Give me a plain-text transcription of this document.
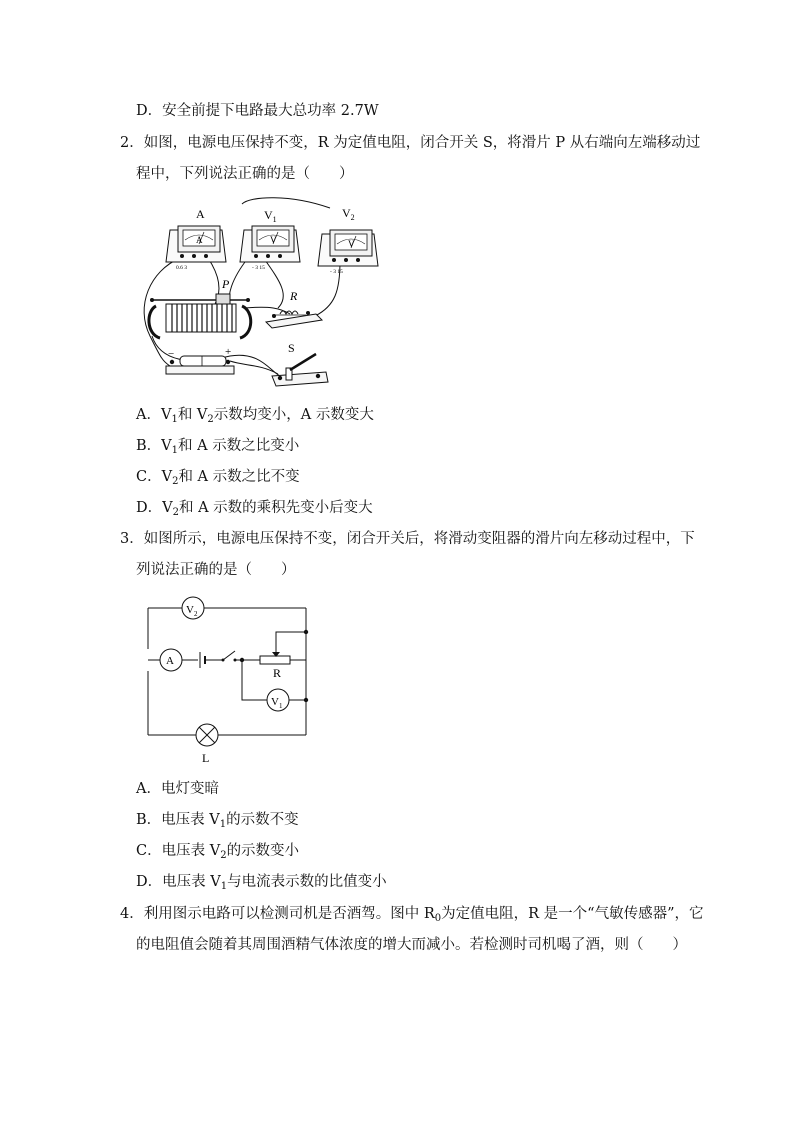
D．安全前提下电路最大总功率 2.7W
2．如图，电源电压保持不变，R 为定值电阻，闭合开关 S，将滑片 P 从右端向左端移动过
程中，下列说法正确的是（　　）
A
0.6 3
A
V
- 3 15
$V_1$
V
- 3 15
$V_2$
P
R
−	+	S
A．$V_1$和 $V_2$示数均变小，A 示数变大
B．$V_1$和 A 示数之比变小
C．$V_2$和 A 示数之比不变
D．$V_2$和 A 示数的乘积先变小后变大
3．如图所示，电源电压保持不变，闭合开关后，将滑动变阻器的滑片向左移动过程中，下
列说法正确的是（　　）
$V_2$
A
R
$V_1$
L
A．电灯变暗
B．电压表 $V_1$的示数不变
C．电压表 $V_2$的示数变小
D．电压表 $V_1$与电流表示数的比值变小
4．利用图示电路可以检测司机是否酒驾。图中 $R_0$为定值电阻，R 是一个“气敏传感器”，它
的电阻值会随着其周围酒精气体浓度的增大而减小。若检测时司机喝了酒，则（　　）
